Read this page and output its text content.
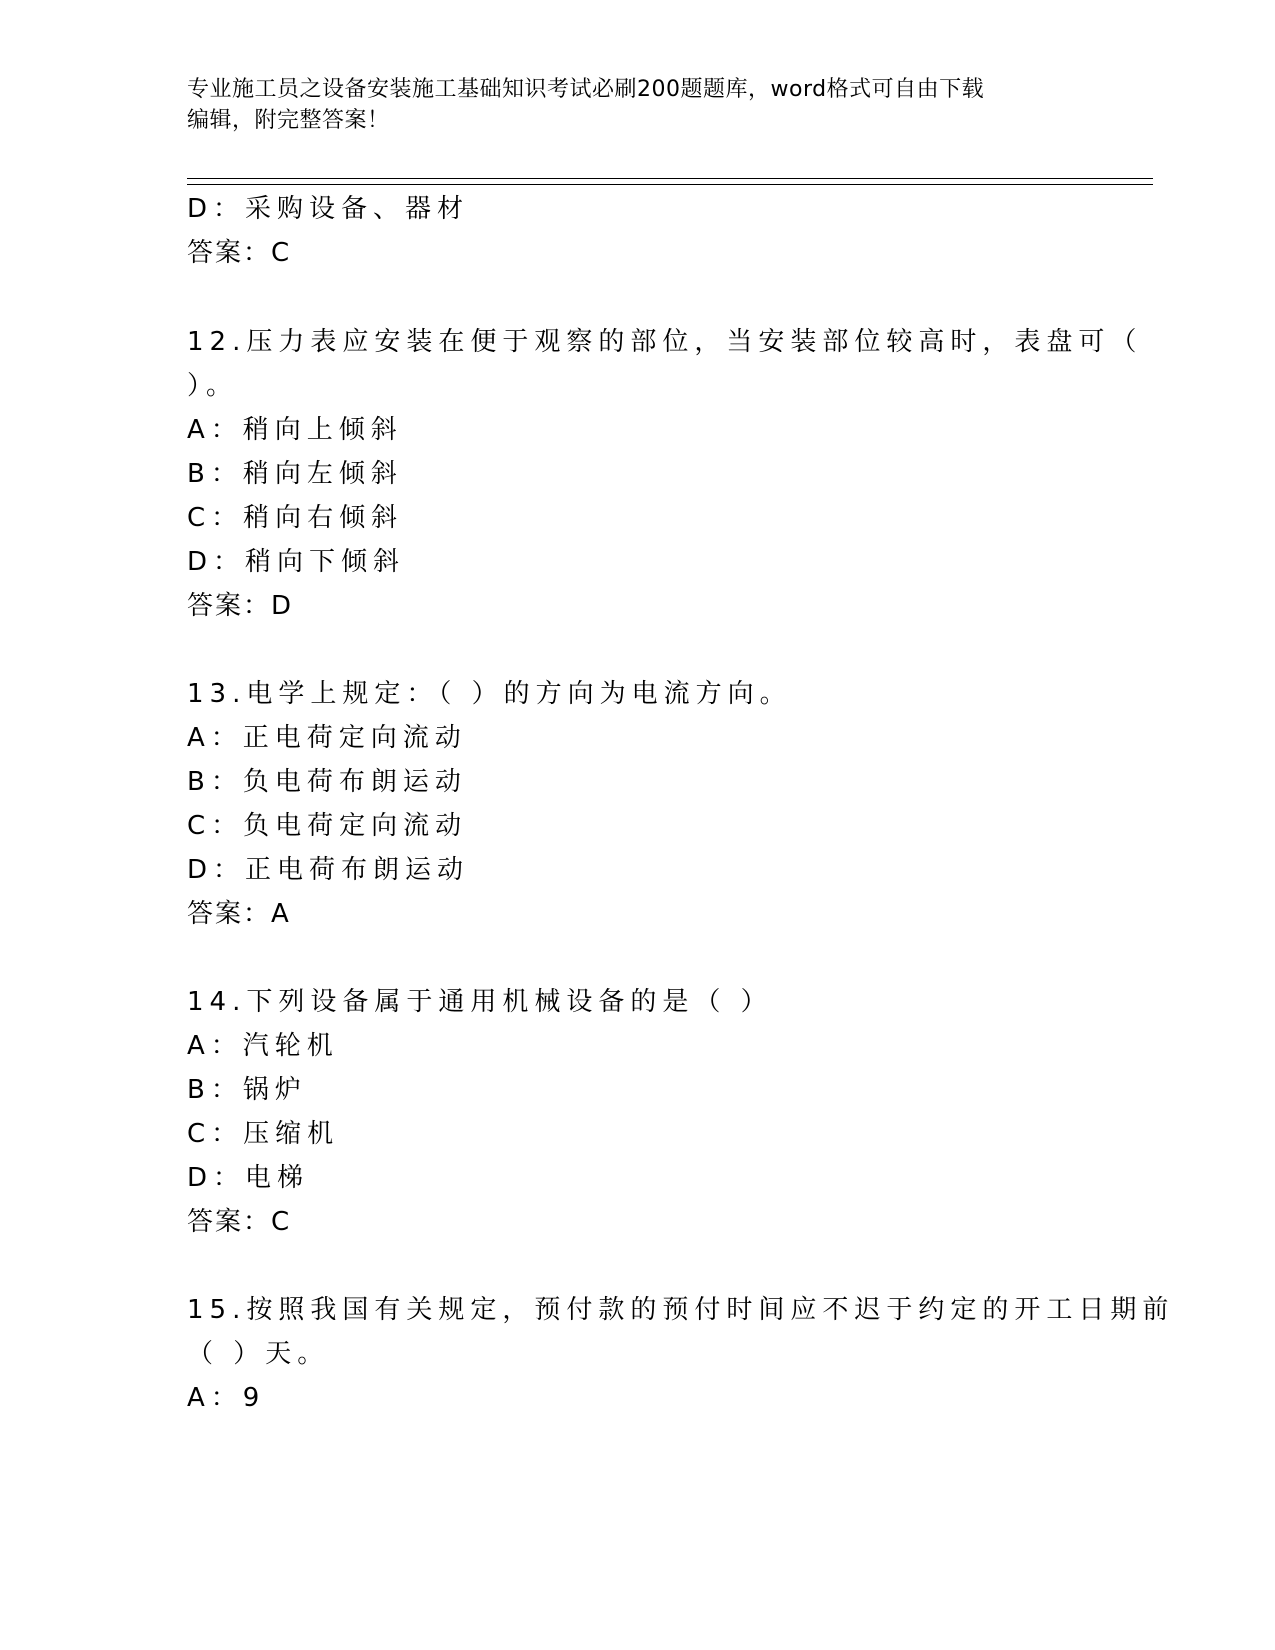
专业施工员之设备安装施工基础知识考试必刷200题题库，word格式可自由下载
编辑，附完整答案！
D：采购设备、器材
答案：C
12.压力表应安装在便于观察的部位，当安装部位较高时，表盘可（
）。
A：稍向上倾斜
B：稍向左倾斜
C：稍向右倾斜
D：稍向下倾斜
答案：D
13.电学上规定：（ ）的方向为电流方向。
A：正电荷定向流动
B：负电荷布朗运动
C：负电荷定向流动
D：正电荷布朗运动
答案：A
14.下列设备属于通用机械设备的是（ ）
A：汽轮机
B：锅炉
C：压缩机
D：电梯
答案：C
15.按照我国有关规定，预付款的预付时间应不迟于约定的开工日期前
（ ）天。
A：9
